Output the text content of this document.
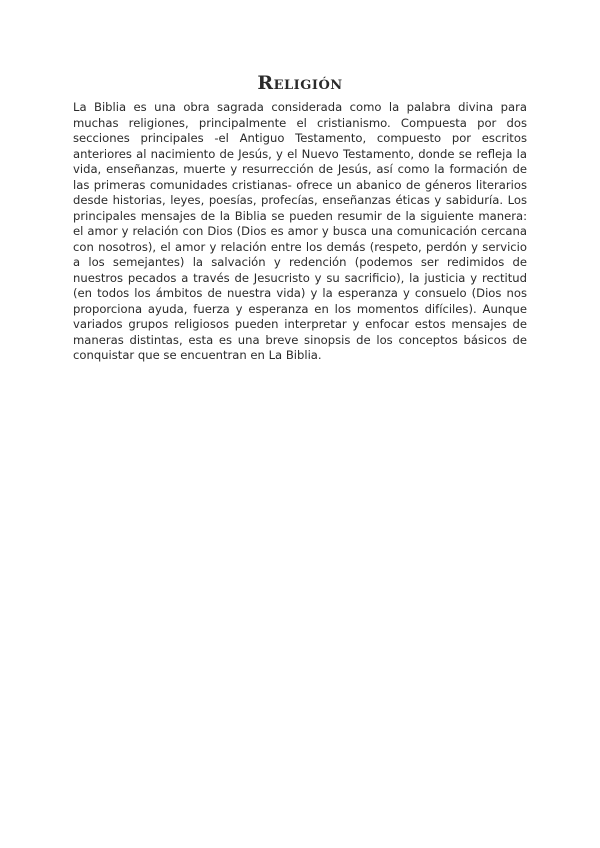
Religión

La Biblia es una obra sagrada considerada como la palabra divina para muchas religiones, principalmente el cristianismo. Compuesta por dos secciones principales -el Antiguo Testamento, compuesto por escritos anteriores al nacimiento de Jesús, y el Nuevo Testamento, donde se refleja la vida, enseñanzas, muerte y resurrección de Jesús, así como la formación de las primeras comunidades cristianas- ofrece un abanico de géneros literarios desde historias, leyes, poesías, profecías, enseñanzas éticas y sabiduría. Los principales mensajes de la Biblia se pueden resumir de la siguiente manera: el amor y relación con Dios (Dios es amor y busca una comunicación cercana con nosotros), el amor y relación entre los demás (respeto, perdón y servicio a los semejantes) la salvación y redención (podemos ser redimidos de nuestros pecados a través de Jesucristo y su sacrificio), la justicia y rectitud (en todos los ámbitos de nuestra vida) y la esperanza y consuelo (Dios nos proporciona ayuda, fuerza y esperanza en los momentos difíciles). Aunque variados grupos religiosos pueden interpretar y enfocar estos mensajes de maneras distintas, esta es una breve sinopsis de los conceptos básicos de conquistar que se encuentran en La Biblia.
